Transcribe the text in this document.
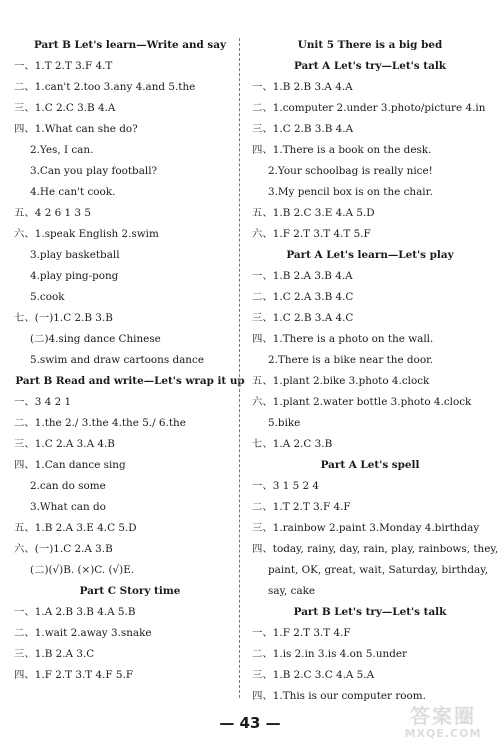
Part B Let's learn—Write and say
一、1.T 2.T 3.F 4.T
二、1.can't 2.too 3.any 4.and 5.the
三、1.C 2.C 3.B 4.A
四、1.What can she do?
2.Yes, I can.
3.Can you play football?
4.He can't cook.
五、4 2 6 1 3 5
六、1.speak English 2.swim
3.play basketball
4.play ping-pong
5.cook
七、(一)1.C 2.B 3.B
(二)4.sing dance Chinese
5.swim and draw cartoons dance
Part B Read and write—Let's wrap it up
一、3 4 2 1
二、1.the 2./ 3.the 4.the 5./ 6.the
三、1.C 2.A 3.A 4.B
四、1.Can dance sing
2.can do some
3.What can do
五、1.B 2.A 3.E 4.C 5.D
六、(一)1.C 2.A 3.B
(二)(√)B. (×)C. (√)E.
Part C Story time
一、1.A 2.B 3.B 4.A 5.B
二、1.wait 2.away 3.snake
三、1.B 2.A 3.C
四、1.F 2.T 3.T 4.F 5.F
Unit 5 There is a big bed
Part A Let's try—Let's talk
一、1.B 2.B 3.A 4.A
二、1.computer 2.under 3.photo/picture 4.in
三、1.C 2.B 3.B 4.A
四、1.There is a book on the desk.
2.Your schoolbag is really nice!
3.My pencil box is on the chair.
五、1.B 2.C 3.E 4.A 5.D
六、1.F 2.T 3.T 4.T 5.F
Part A Let's learn—Let's play
一、1.B 2.A 3.B 4.A
二、1.C 2.A 3.B 4.C
三、1.C 2.B 3.A 4.C
四、1.There is a photo on the wall.
2.There is a bike near the door.
五、1.plant 2.bike 3.photo 4.clock
六、1.plant 2.water bottle 3.photo 4.clock
5.bike
七、1.A 2.C 3.B
Part A Let's spell
一、3 1 5 2 4
二、1.T 2.T 3.F 4.F
三、1.rainbow 2.paint 3.Monday 4.birthday
四、today, rainy, day, rain, play, rainbows, they,
paint, OK, great, wait, Saturday, birthday,
say, cake
Part B Let's try—Let's talk
一、1.F 2.T 3.T 4.F
二、1.is 2.in 3.is 4.on 5.under
三、1.B 2.C 3.C 4.A 5.A
四、1.This is our computer room.
— 43 —	答案圈
MXQE.COM
